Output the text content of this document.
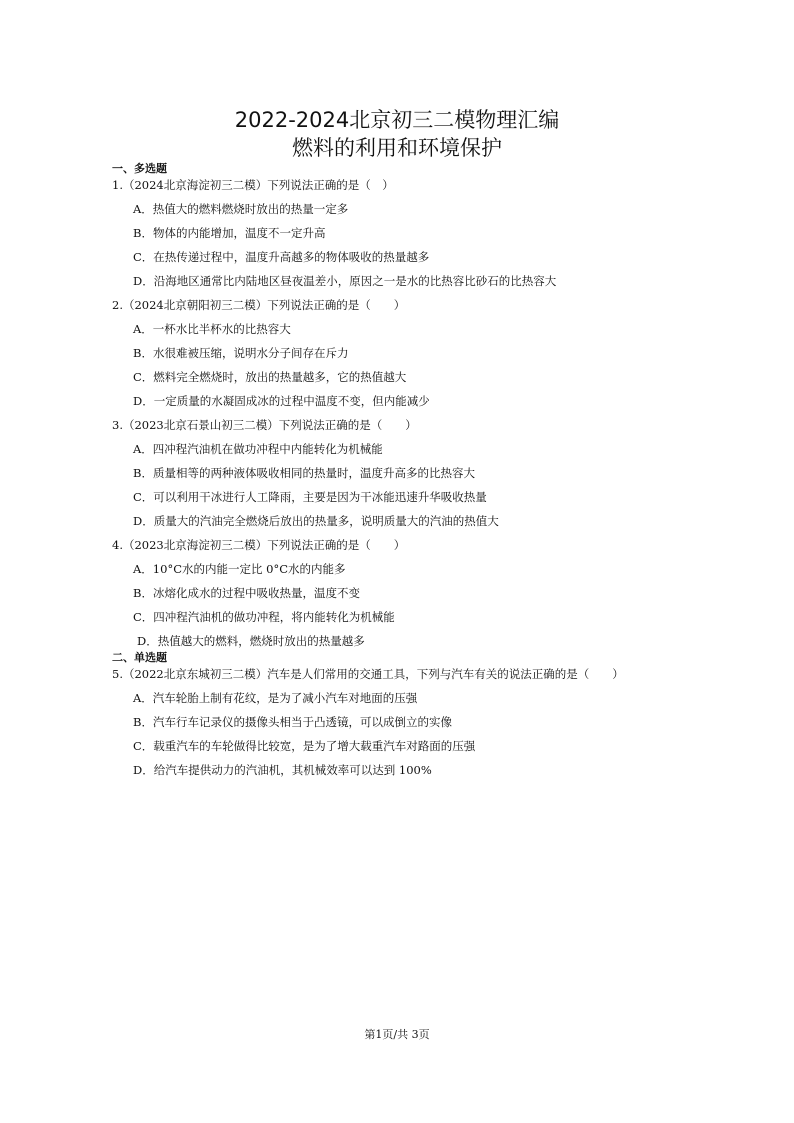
2022-2024北京初三二模物理汇编
燃料的利用和环境保护
一、多选题
1.（2024北京海淀初三二模）下列说法正确的是（　）
A．热值大的燃料燃烧时放出的热量一定多
B．物体的内能增加，温度不一定升高
C．在热传递过程中，温度升高越多的物体吸收的热量越多
D．沿海地区通常比内陆地区昼夜温差小，原因之一是水的比热容比砂石的比热容大
2.（2024北京朝阳初三二模）下列说法正确的是（　　）
A．一杯水比半杯水的比热容大
B．水很难被压缩，说明水分子间存在斥力
C．燃料完全燃烧时，放出的热量越多，它的热值越大
D．一定质量的水凝固成冰的过程中温度不变，但内能减少
3.（2023北京石景山初三二模）下列说法正确的是（　　）
A．四冲程汽油机在做功冲程中内能转化为机械能
B．质量相等的两种液体吸收相同的热量时，温度升高多的比热容大
C．可以利用干冰进行人工降雨，主要是因为干冰能迅速升华吸收热量
D．质量大的汽油完全燃烧后放出的热量多，说明质量大的汽油的热值大
4.（2023北京海淀初三二模）下列说法正确的是（　　）
A．10°C水的内能一定比 0°C水的内能多
B．冰熔化成水的过程中吸收热量，温度不变
C．四冲程汽油机的做功冲程，将内能转化为机械能
D．热值越大的燃料，燃烧时放出的热量越多
二、单选题
5.（2022北京东城初三二模）汽车是人们常用的交通工具，下列与汽车有关的说法正确的是（　　）
A．汽车轮胎上制有花纹，是为了减小汽车对地面的压强
B．汽车行车记录仪的摄像头相当于凸透镜，可以成倒立的实像
C．载重汽车的车轮做得比较宽，是为了增大载重汽车对路面的压强
D．给汽车提供动力的汽油机，其机械效率可以达到 100%
第1页/共 3页
